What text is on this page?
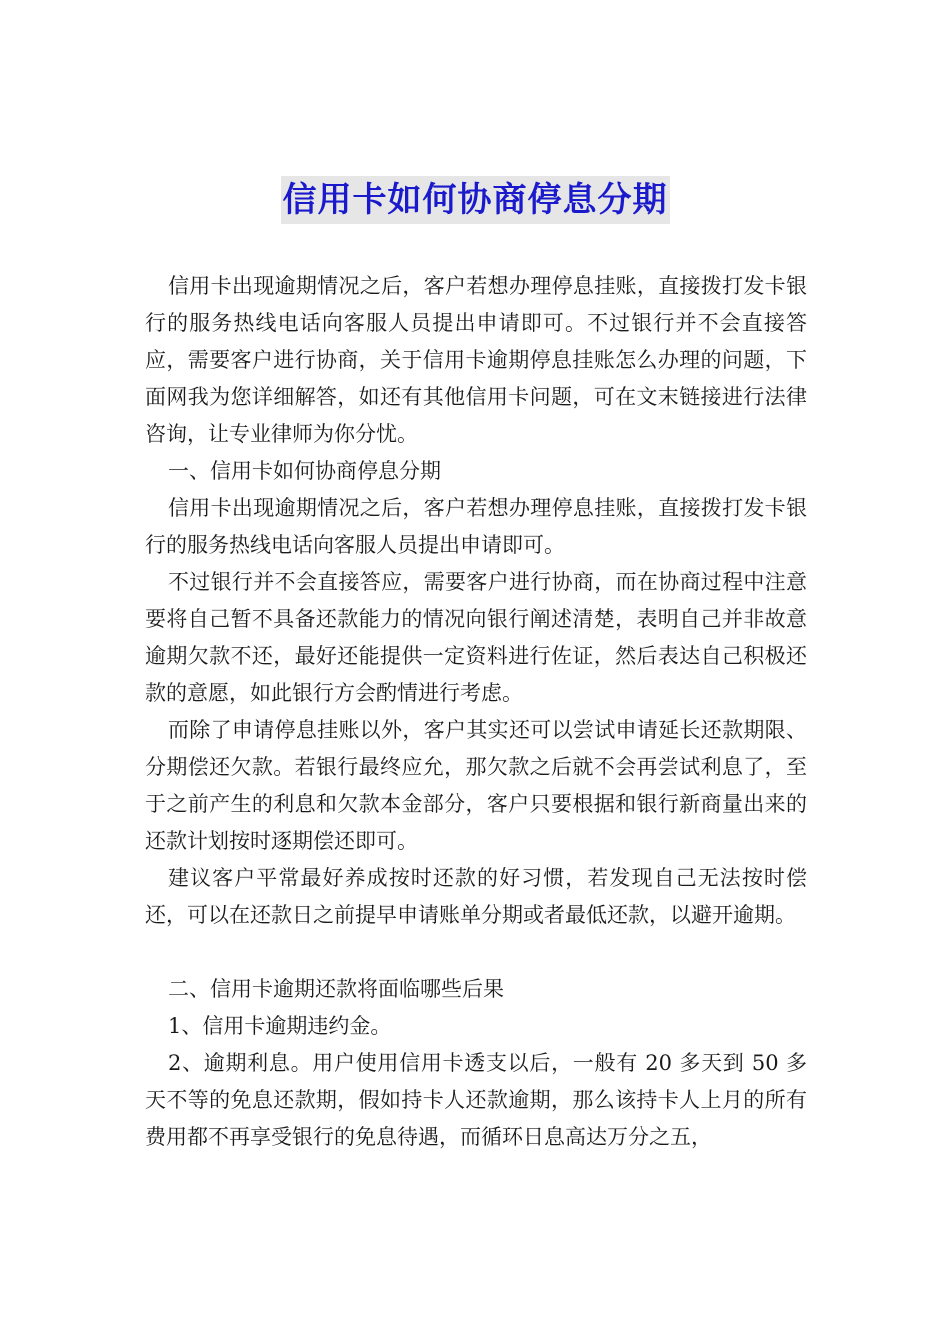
信用卡如何协商停息分期

信用卡出现逾期情况之后，客户若想办理停息挂账，直接拨打发卡银行的服务热线电话向客服人员提出申请即可。不过银行并不会直接答应，需要客户进行协商，关于信用卡逾期停息挂账怎么办理的问题，下面网我为您详细解答，如还有其他信用卡问题，可在文末链接进行法律咨询，让专业律师为你分忧。

一、信用卡如何协商停息分期

信用卡出现逾期情况之后，客户若想办理停息挂账，直接拨打发卡银行的服务热线电话向客服人员提出申请即可。

不过银行并不会直接答应，需要客户进行协商，而在协商过程中注意要将自己暂不具备还款能力的情况向银行阐述清楚，表明自己并非故意逾期欠款不还，最好还能提供一定资料进行佐证，然后表达自己积极还款的意愿，如此银行方会酌情进行考虑。

而除了申请停息挂账以外，客户其实还可以尝试申请延长还款期限、分期偿还欠款。若银行最终应允，那欠款之后就不会再尝试利息了，至于之前产生的利息和欠款本金部分，客户只要根据和银行新商量出来的还款计划按时逐期偿还即可。

建议客户平常最好养成按时还款的好习惯，若发现自己无法按时偿还，可以在还款日之前提早申请账单分期或者最低还款，以避开逾期。

二、信用卡逾期还款将面临哪些后果

1、信用卡逾期违约金。

2、逾期利息。用户使用信用卡透支以后，一般有 20 多天到 50 多天不等的免息还款期，假如持卡人还款逾期，那么该持卡人上月的所有费用都不再享受银行的免息待遇，而循环日息高达万分之五，
